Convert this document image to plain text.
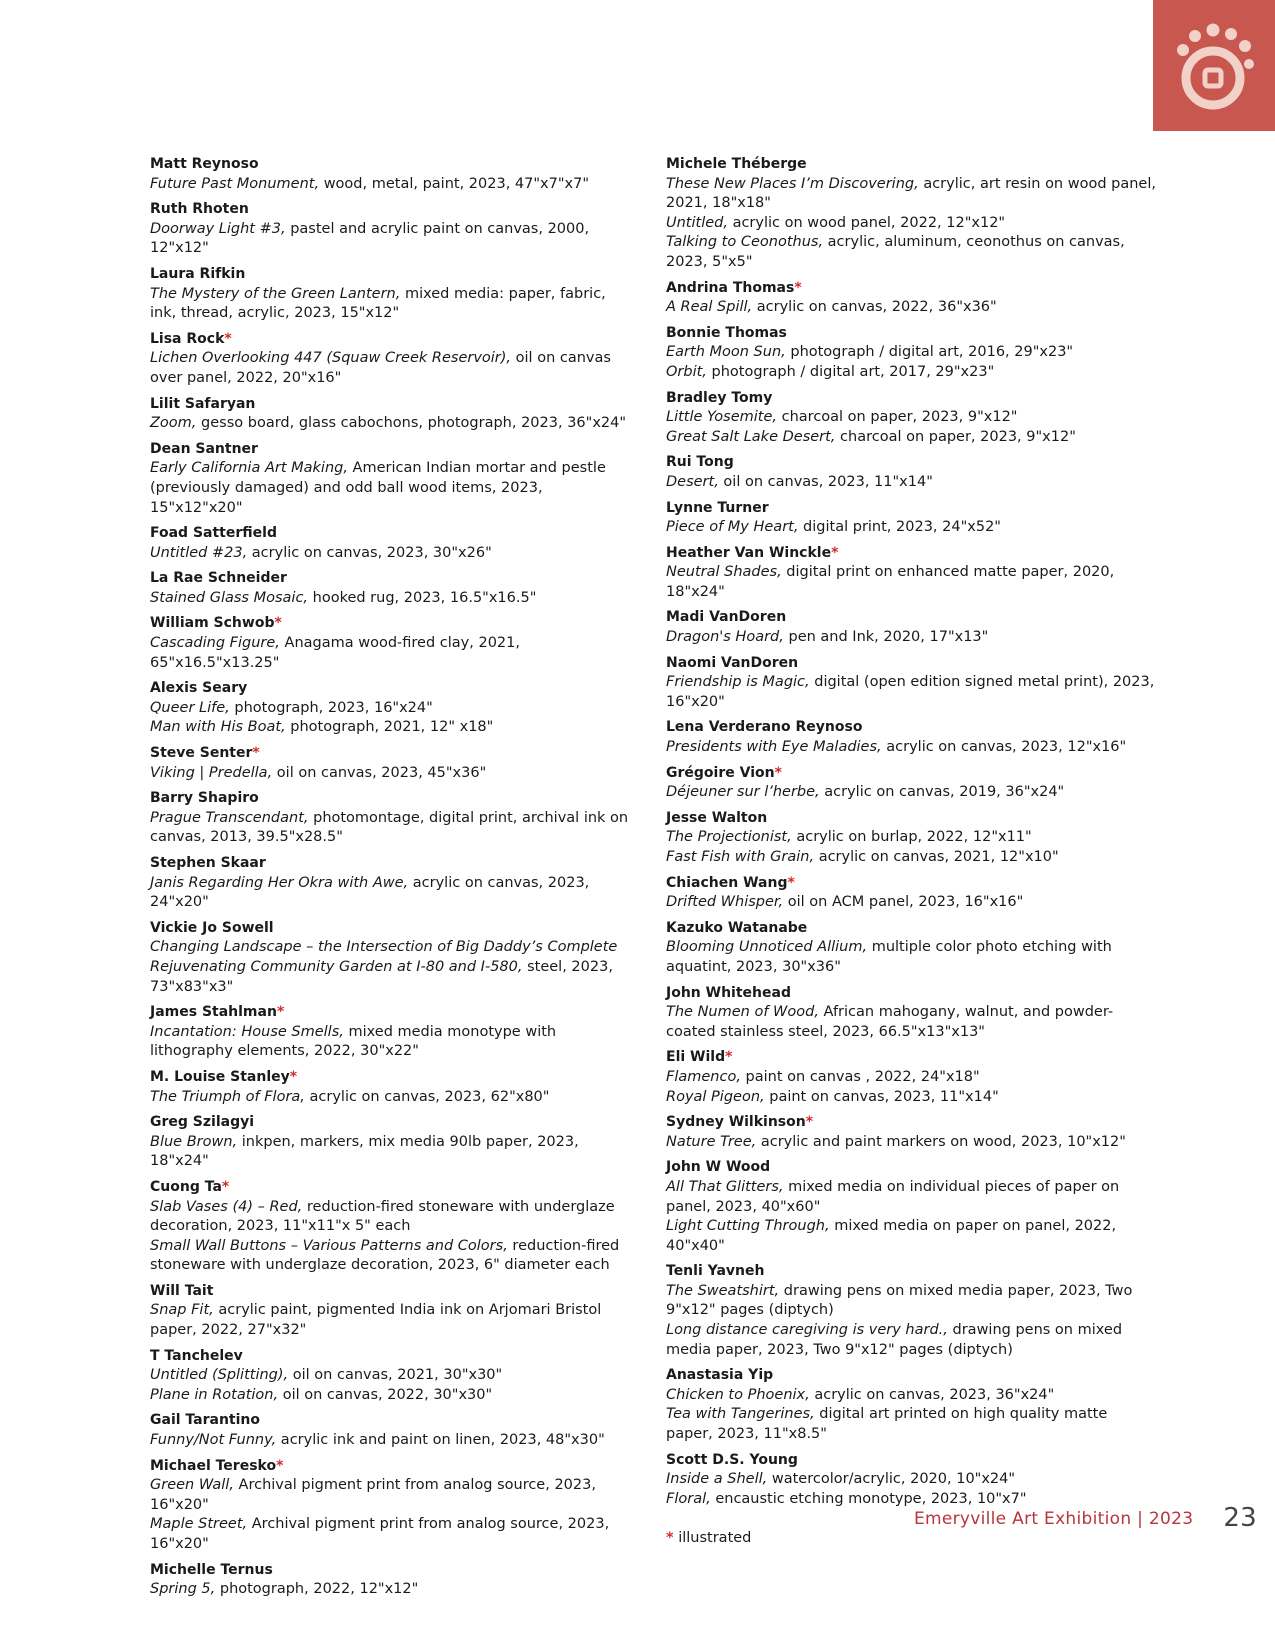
Matt Reynoso
Future Past Monument, wood, metal, paint, 2023, 47"x7"x7"
Ruth Rhoten
Doorway Light #3, pastel and acrylic paint on canvas, 2000, 12"x12"
Laura Rifkin
The Mystery of the Green Lantern, mixed media: paper, fabric, ink, thread, acrylic, 2023, 15"x12"
Lisa Rock*
Lichen Overlooking 447 (Squaw Creek Reservoir), oil on canvas over panel, 2022, 20"x16"
Lilit Safaryan
Zoom, gesso board, glass cabochons, photograph, 2023, 36"x24"
Dean Santner
Early California Art Making, American Indian mortar and pestle (previously damaged) and odd ball wood items, 2023, 15"x12"x20"
Foad Satterfield
Untitled #23, acrylic on canvas, 2023, 30"x26"
La Rae Schneider
Stained Glass Mosaic, hooked rug, 2023, 16.5"x16.5"
William Schwob*
Cascading Figure, Anagama wood-fired clay, 2021, 65"x16.5"x13.25"
Alexis Seary
Queer Life, photograph, 2023, 16"x24"
Man with His Boat, photograph, 2021, 12" x18"
Steve Senter*
Viking | Predella, oil on canvas, 2023, 45"x36"
Barry Shapiro
Prague Transcendant, photomontage, digital print, archival ink on canvas, 2013, 39.5"x28.5"
Stephen Skaar
Janis Regarding Her Okra with Awe, acrylic on canvas, 2023, 24"x20"
Vickie Jo Sowell
Changing Landscape – the Intersection of Big Daddy’s Complete Rejuvenating Community Garden at I-80 and I-580, steel, 2023, 73"x83"x3"
James Stahlman*
Incantation: House Smells, mixed media monotype with lithography elements, 2022, 30"x22"
M. Louise Stanley*
The Triumph of Flora, acrylic on canvas, 2023, 62"x80"
Greg Szilagyi
Blue Brown, inkpen, markers, mix media 90lb paper, 2023, 18"x24"
Cuong Ta*
Slab Vases (4) – Red, reduction-fired stoneware with underglaze decoration, 2023, 11"x11"x 5" each
Small Wall Buttons – Various Patterns and Colors, reduction-fired stoneware with underglaze decoration, 2023, 6" diameter each
Will Tait
Snap Fit, acrylic paint, pigmented India ink on Arjomari Bristol paper, 2022, 27"x32"
T Tanchelev
Untitled (Splitting), oil on canvas, 2021, 30"x30"
Plane in Rotation, oil on canvas, 2022, 30"x30"
Gail Tarantino
Funny/Not Funny, acrylic ink and paint on linen, 2023, 48"x30"
Michael Teresko*
Green Wall, Archival pigment print from analog source, 2023, 16"x20"
Maple Street, Archival pigment print from analog source, 2023, 16"x20"
Michelle Ternus
Spring 5, photograph, 2022, 12"x12"
Michele Théberge
These New Places I’m Discovering, acrylic, art resin on wood panel, 2021, 18"x18"
Untitled, acrylic on wood panel, 2022, 12"x12"
Talking to Ceonothus, acrylic, aluminum, ceonothus on canvas, 2023, 5"x5"
Andrina Thomas*
A Real Spill, acrylic on canvas, 2022, 36"x36"
Bonnie Thomas
Earth Moon Sun, photograph / digital art, 2016, 29"x23"
Orbit, photograph / digital art, 2017, 29"x23"
Bradley Tomy
Little Yosemite, charcoal on paper, 2023, 9"x12"
Great Salt Lake Desert, charcoal on paper, 2023, 9"x12"
Rui Tong
Desert, oil on canvas, 2023, 11"x14"
Lynne Turner
Piece of My Heart, digital print, 2023, 24"x52"
Heather Van Winckle*
Neutral Shades, digital print on enhanced matte paper, 2020, 18"x24"
Madi VanDoren
Dragon's Hoard, pen and Ink, 2020, 17"x13"
Naomi VanDoren
Friendship is Magic, digital (open edition signed metal print), 2023, 16"x20"
Lena Verderano Reynoso
Presidents with Eye Maladies, acrylic on canvas, 2023, 12"x16"
Grégoire Vion*
Déjeuner sur l’herbe, acrylic on canvas, 2019, 36"x24"
Jesse Walton
The Projectionist, acrylic on burlap, 2022, 12"x11"
Fast Fish with Grain, acrylic on canvas, 2021, 12"x10"
Chiachen Wang*
Drifted Whisper, oil on ACM panel, 2023, 16"x16"
Kazuko Watanabe
Blooming Unnoticed Allium, multiple color photo etching with aquatint, 2023, 30"x36"
John Whitehead
The Numen of Wood, African mahogany, walnut, and powder-coated stainless steel, 2023, 66.5"x13"x13"
Eli Wild*
Flamenco, paint on canvas , 2022, 24"x18"
Royal Pigeon, paint on canvas, 2023, 11"x14"
Sydney Wilkinson*
Nature Tree, acrylic and paint markers on wood, 2023, 10"x12"
John W Wood
All That Glitters, mixed media on individual pieces of paper on panel, 2023, 40"x60"
Light Cutting Through, mixed media on paper on panel, 2022, 40"x40"
Tenli Yavneh
The Sweatshirt, drawing pens on mixed media paper, 2023, Two 9"x12" pages (diptych)
Long distance caregiving is very hard., drawing pens on mixed media paper, 2023, Two 9"x12" pages (diptych)
Anastasia Yip
Chicken to Phoenix, acrylic on canvas, 2023, 36"x24"
Tea with Tangerines, digital art printed on high quality matte paper, 2023, 11"x8.5"
Scott D.S. Young
Inside a Shell, watercolor/acrylic, 2020, 10"x24"
Floral, encaustic etching monotype, 2023, 10"x7"
* illustrated
Emeryville Art Exhibition | 2023 23
